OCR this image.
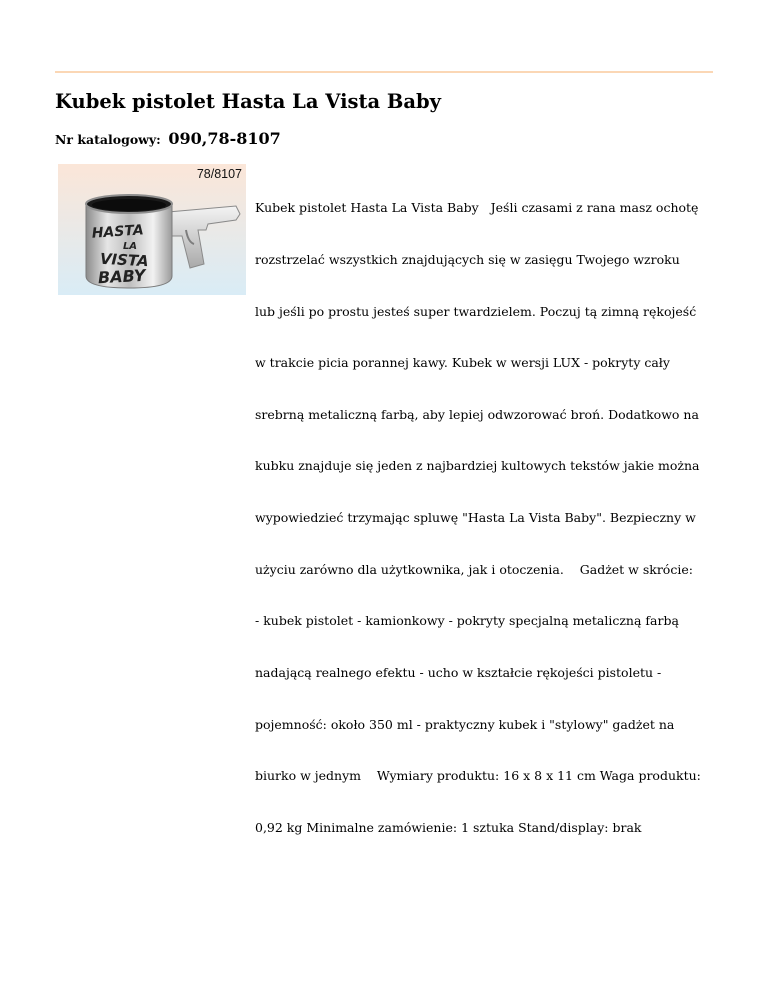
Kubek pistolet Hasta La Vista Baby
Nr katalogowy: 090,78-8107
HASTA
LA
VISTA
BABY
78/8107

Kubek pistolet Hasta La Vista Baby   Jeśli czasami z rana masz ochotę

rozstrzelać wszystkich znajdujących się w zasięgu Twojego wzroku

lub jeśli po prostu jesteś super twardzielem. Poczuj tą zimną rękojeść

w trakcie picia porannej kawy. Kubek w wersji LUX - pokryty cały

srebrną metaliczną farbą, aby lepiej odwzorować broń. Dodatkowo na

kubku znajduje się jeden z najbardziej kultowych tekstów jakie można

wypowiedzieć trzymając spluwę "Hasta La Vista Baby". Bezpieczny w

użyciu zarówno dla użytkownika, jak i otoczenia.    Gadżet w skrócie:

- kubek pistolet - kamionkowy - pokryty specjalną metaliczną farbą

nadającą realnego efektu - ucho w kształcie rękojeści pistoletu -

pojemność: około 350 ml - praktyczny kubek i "stylowy" gadżet na

biurko w jednym    Wymiary produktu: 16 x 8 x 11 cm Waga produktu:

0,92 kg Minimalne zamówienie: 1 sztuka Stand/display: brak
